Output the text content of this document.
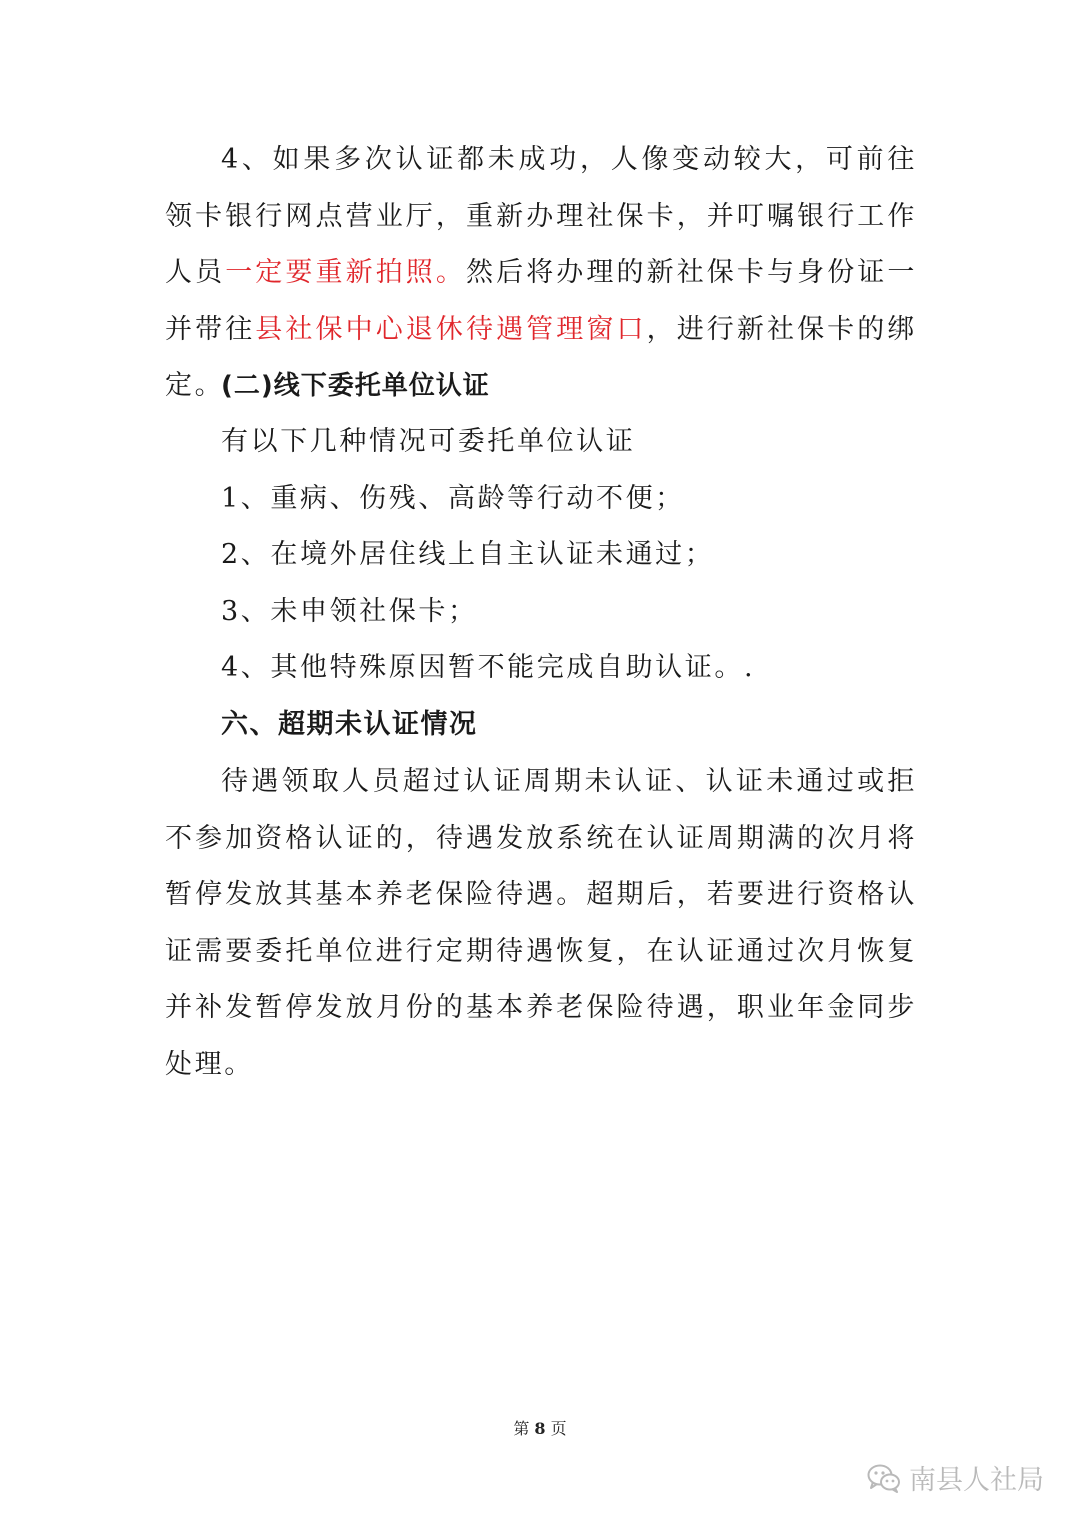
4、如果多次认证都未成功，人像变动较大，可前往领卡银行网点营业厅，重新办理社保卡，并叮嘱银行工作人员一定要重新拍照。然后将办理的新社保卡与身份证一并带往县社保中心退休待遇管理窗口，进行新社保卡的绑定。

(二)线下委托单位认证

有以下几种情况可委托单位认证

1、重病、伤残、高龄等行动不便；

2、在境外居住线上自主认证未通过；

3、未申领社保卡；

4、其他特殊原因暂不能完成自助认证。.

六、超期未认证情况

待遇领取人员超过认证周期未认证、认证未通过或拒不参加资格认证的，待遇发放系统在认证周期满的次月将暂停发放其基本养老保险待遇。超期后，若要进行资格认证需要委托单位进行定期待遇恢复，在认证通过次月恢复并补发暂停发放月份的基本养老保险待遇，职业年金同步处理。

第 8 页
南县人社局
